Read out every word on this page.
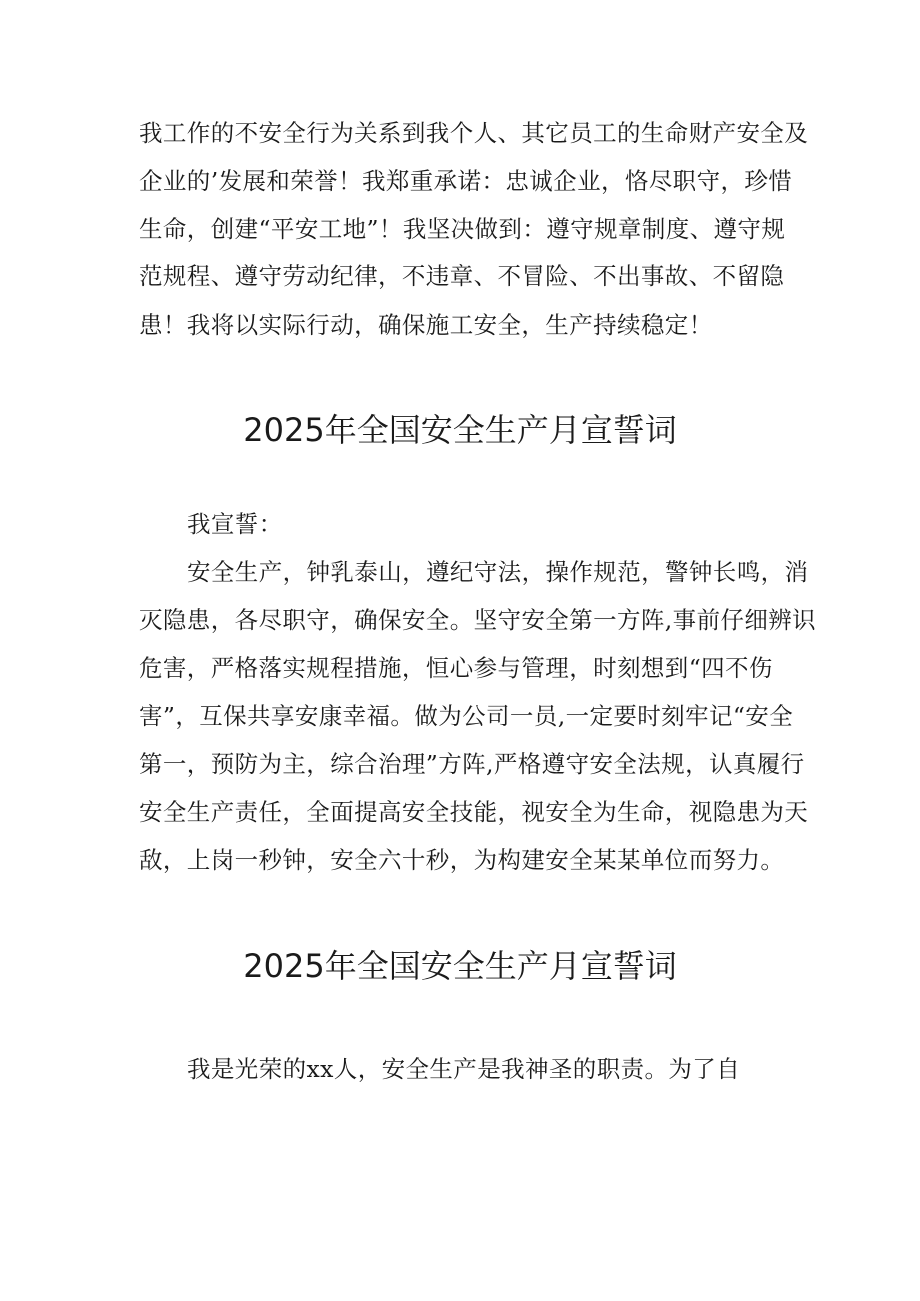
我工作的不安全行为关系到我个人、其它员工的生命财产安全及
企业的’发展和荣誉！我郑重承诺：忠诚企业，恪尽职守，珍惜
生命，创建“平安工地”！我坚决做到：遵守规章制度、遵守规
范规程、遵守劳动纪律，不违章、不冒险、不出事故、不留隐
患！我将以实际行动，确保施工安全，生产持续稳定！
2025年全国安全生产月宣誓词
我宣誓：
安全生产，钟乳泰山，遵纪守法，操作规范，警钟长鸣，消
灭隐患，各尽职守，确保安全。坚守安全第一方阵,事前仔细辨识
危害，严格落实规程措施，恒心参与管理，时刻想到“四不伤
害”，互保共享安康幸福。做为公司一员,一定要时刻牢记“安全
第一，预防为主，综合治理”方阵,严格遵守安全法规，认真履行
安全生产责任，全面提高安全技能，视安全为生命，视隐患为天
敌，上岗一秒钟，安全六十秒，为构建安全某某单位而努力。
2025年全国安全生产月宣誓词
我是光荣的xx人，安全生产是我神圣的职责。为了自
